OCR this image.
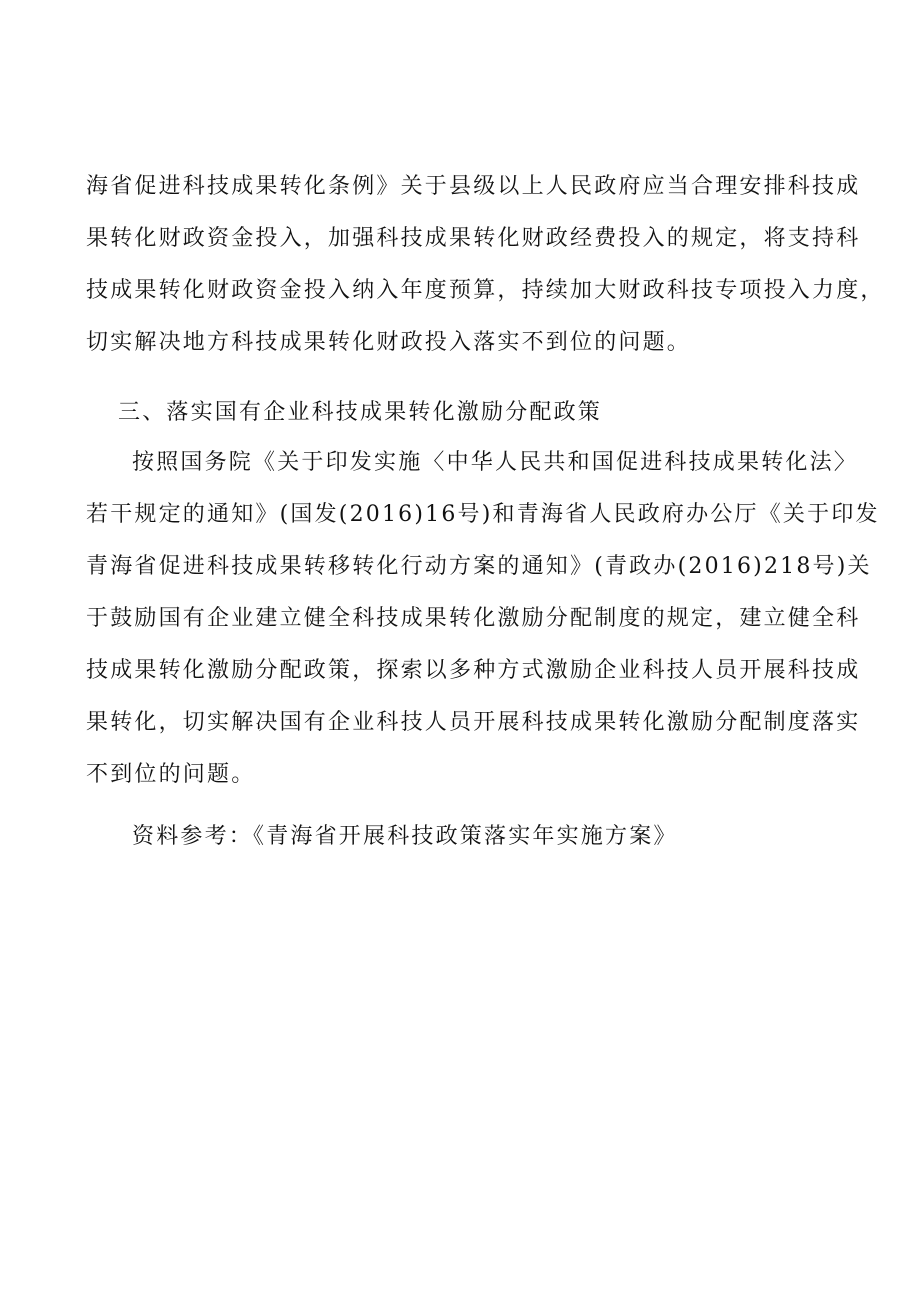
海省促进科技成果转化条例》关于县级以上人民政府应当合理安排科技成
果转化财政资金投入，加强科技成果转化财政经费投入的规定，将支持科
技成果转化财政资金投入纳入年度预算，持续加大财政科技专项投入力度，
切实解决地方科技成果转化财政投入落实不到位的问题。
三、落实国有企业科技成果转化激励分配政策
按照国务院《关于印发实施〈中华人民共和国促进科技成果转化法〉
若干规定的通知》(国发(2016)16号)和青海省人民政府办公厅《关于印发
青海省促进科技成果转移转化行动方案的通知》(青政办(2016)218号)关
于鼓励国有企业建立健全科技成果转化激励分配制度的规定，建立健全科
技成果转化激励分配政策，探索以多种方式激励企业科技人员开展科技成
果转化，切实解决国有企业科技人员开展科技成果转化激励分配制度落实
不到位的问题。
资料参考：《青海省开展科技政策落实年实施方案》
